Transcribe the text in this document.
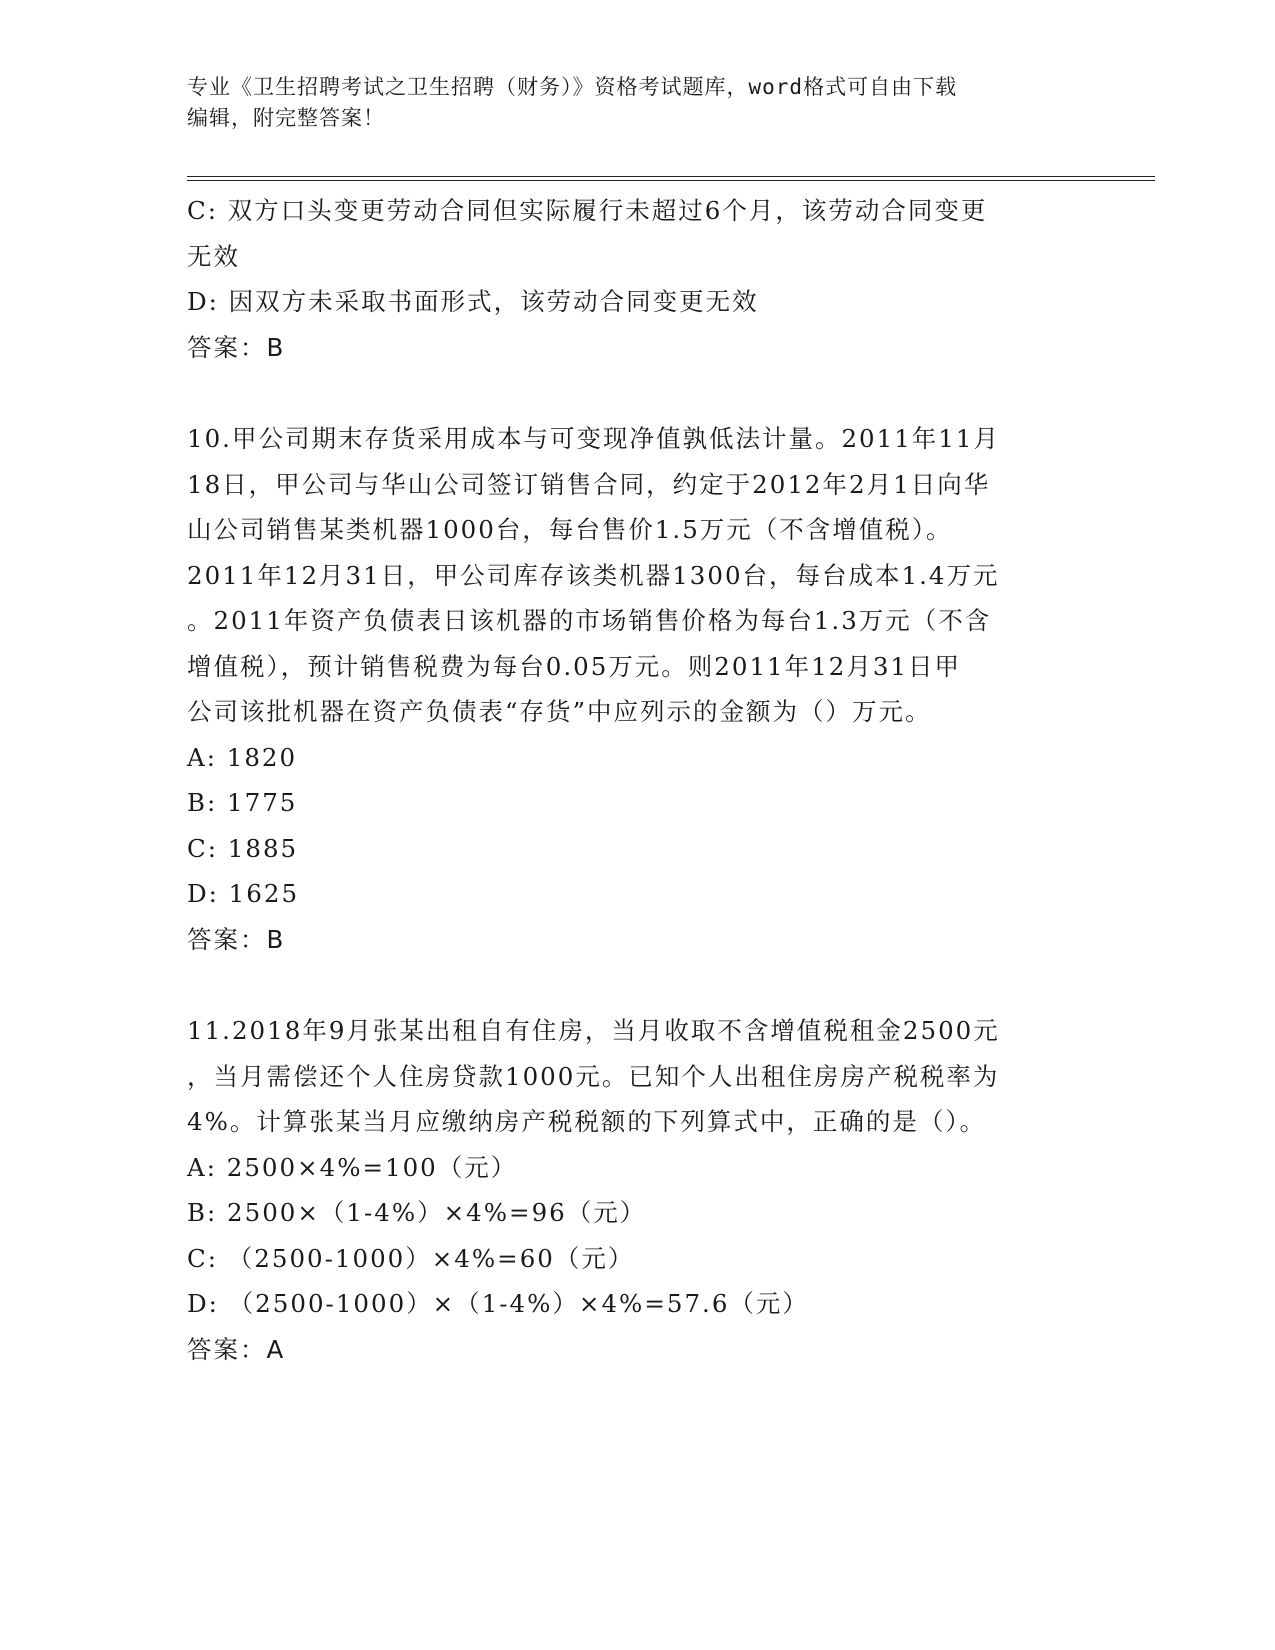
专业《卫生招聘考试之卫生招聘（财务）》资格考试题库，word格式可自由下载
编辑，附完整答案！
C: 双方口头变更劳动合同但实际履行未超过6个月，该劳动合同变更
无效
D: 因双方未采取书面形式，该劳动合同变更无效
答案：B
10.甲公司期末存货采用成本与可变现净值孰低法计量。2011年11月
18日，甲公司与华山公司签订销售合同，约定于2012年2月1日向华
山公司销售某类机器1000台，每台售价1.5万元（不含增值税）。
2011年12月31日，甲公司库存该类机器1300台，每台成本1.4万元
。2011年资产负债表日该机器的市场销售价格为每台1.3万元（不含
增值税），预计销售税费为每台0.05万元。则2011年12月31日甲
公司该批机器在资产负债表“存货”中应列示的金额为（）万元。
A: 1820
B: 1775
C: 1885
D: 1625
答案：B
11.2018年9月张某出租自有住房，当月收取不含增值税租金2500元
，当月需偿还个人住房贷款1000元。已知个人出租住房房产税税率为
4%。计算张某当月应缴纳房产税税额的下列算式中，正确的是（）。
A: 2500×4%=100（元）
B: 2500×（1-4%）×4%=96（元）
C: （2500-1000）×4%=60（元）
D: （2500-1000）×（1-4%）×4%=57.6（元）
答案：A
